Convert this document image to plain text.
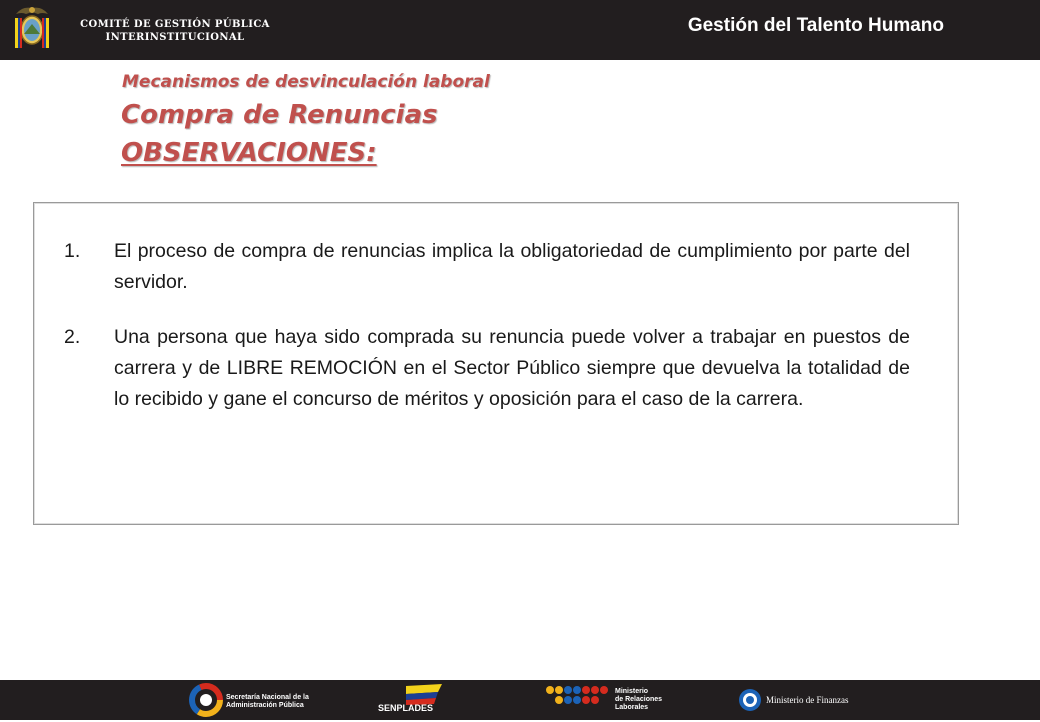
COMITÉ DE GESTIÓN PÚBLICA
INTERINSTITUCIONAL
Gestión del Talento Humano
Mecanismos de desvinculación laboral
Compra de Renuncias
OBSERVACIONES:
1. El proceso de compra de renuncias implica la obligatoriedad de cumplimiento por parte del servidor.
2. Una persona que haya sido comprada su renuncia puede volver a trabajar en puestos de carrera y de LIBRE REMOCIÓN en el Sector Público siempre que devuelva la totalidad de lo recibido y gane el concurso de méritos y oposición para el caso de la carrera.
Secretaría Nacional de la
Administración Pública	SENPLADES
Ministerio
de Relaciones
Laborales
Ministerio de Finanzas
